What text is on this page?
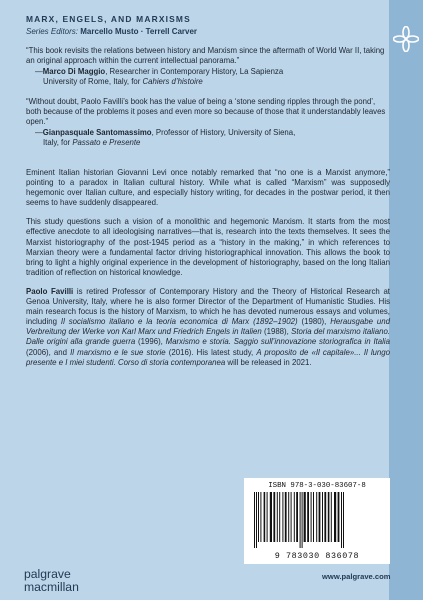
MARX, ENGELS, AND MARXISMS
Series Editors: Marcello Musto · Terrell Carver
“This book revisits the relations between history and Marxism since the aftermath of World War II, taking an original approach within the current intellectual panorama.”
—Marco Di Maggio, Researcher in Contemporary History, La Sapienza
University of Rome, Italy, for Cahiers d’histoire
“Without doubt, Paolo Favilli’s book has the value of being a ‘stone sending ripples through the pond’, both because of the problems it poses and even more so because of those that it understandably leaves open.”
—Gianpasquale Santomassimo, Professor of History, University of Siena,
Italy, for Passato e Presente
Eminent Italian historian Giovanni Levi once notably remarked that “no one is a Marxist anymore,” pointing to a paradox in Italian cultural history. While what is called “Marxism” was supposedly hegemonic over Italian culture, and especially history writing, for decades in the postwar period, it then seems to have suddenly disappeared.
This study questions such a vision of a monolithic and hegemonic Marxism. It starts from the most effective anecdote to all ideologising narratives—that is, research into the texts themselves. It sees the Marxist historiography of the post-1945 period as a “history in the making,” in which references to Marxian theory were a fundamental factor driving historiographical innovation. This allows the book to bring to light a highly original experience in the development of historiography, based on the long Italian tradition of reflection on historical knowledge.
Paolo Favilli is retired Professor of Contemporary History and the Theory of Historical Research at Genoa University, Italy, where he is also former Director of the Department of Humanistic Studies. His main research focus is the history of Marxism, to which he has devoted numerous essays and volumes, including Il socialismo italiano e la teoria economica di Marx (1892–1902) (1980), Herausgabe und Verbreitung der Werke von Karl Marx und Friedrich Engels in Italien (1988), Storia del marxismo italiano. Dalle origini alla grande guerra (1996), Marxismo e storia. Saggio sull’innovazione storiografica in Italia (2006), and Il marxismo e le sue storie (2016). His latest study, A proposito de «Il capitale»... Il lungo presente e I miei studenti. Corso di storia contemporanea will be released in 2021.
ISBN 978-3-030-83607-8
9 783030 836078
palgrave
macmillan
www.palgrave.com
